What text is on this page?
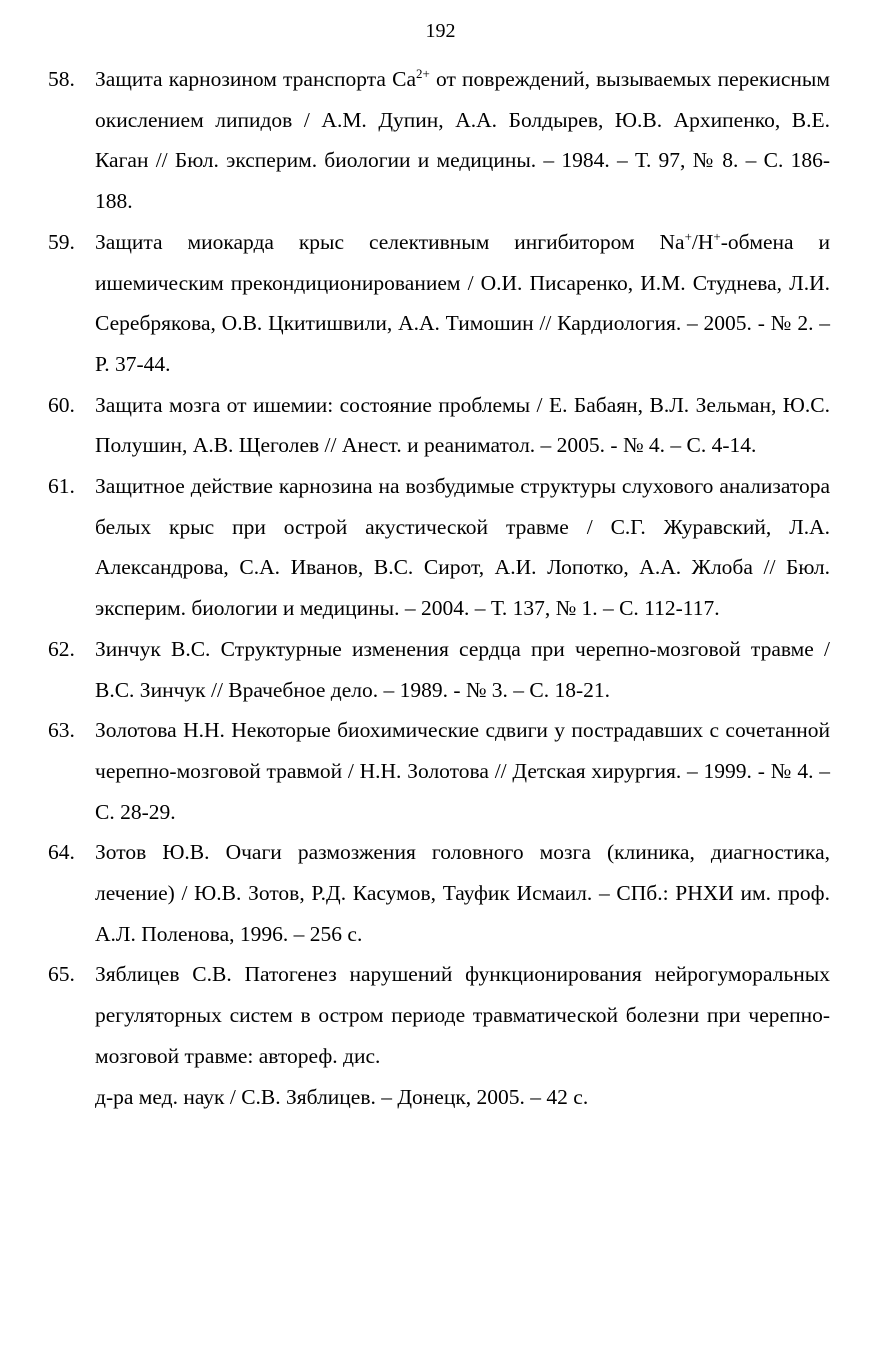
192
58. Защита карнозином транспорта $Ca^{2+}$ от повреждений, вызываемых перекисным окислением липидов / А.М. Дупин, А.А. Болдырев, Ю.В. Архипенко, В.Е. Каган // Бюл. эксперим. биологии и медицины. – 1984. – Т. 97, № 8. – С. 186-188.
59. Защита миокарда крыс селективным ингибитором Na+/H+-обмена и ишемическим прекондиционированием / О.И. Писаренко, И.М. Студнева, Л.И. Серебрякова, О.В. Цкитишвили, А.А. Тимошин // Кардиология. – 2005. - № 2. – Р. 37-44.
60. Защита мозга от ишемии: состояние проблемы / Е. Бабаян, В.Л. Зельман, Ю.С. Полушин, А.В. Щеголев // Анест. и реаниматол. – 2005. - № 4. – С. 4-14.
61. Защитное действие карнозина на возбудимые структуры слухового анализатора белых крыс при острой акустической травме / С.Г. Журавский, Л.А. Александрова, С.А. Иванов, В.С. Сирот, А.И. Лопотко, А.А. Жлоба // Бюл. эксперим. биологии и медицины. – 2004. – Т. 137, № 1. – С. 112-117.
62. Зинчук В.С. Структурные изменения сердца при черепно-мозговой травме / В.С. Зинчук // Врачебное дело. – 1989. - № 3. – С. 18-21.
63. Золотова Н.Н. Некоторые биохимические сдвиги у пострадавших с сочетанной черепно-мозговой травмой / Н.Н. Золотова // Детская хирургия. – 1999. - № 4. – С. 28-29.
64. Зотов Ю.В. Очаги размозжения головного мозга (клиника, диагностика, лечение) / Ю.В. Зотов, Р.Д. Касумов, Тауфик Исмаил. – СПб.: РНХИ им. проф. А.Л. Поленова, 1996. – 256 с.
65. Зяблицев С.В. Патогенез нарушений функционирования нейрогуморальных регуляторных систем в остром периоде травматической болезни при черепно-мозговой травме: автореф. дис.
д-ра мед. наук / С.В. Зяблицев. – Донецк, 2005. – 42 с.
